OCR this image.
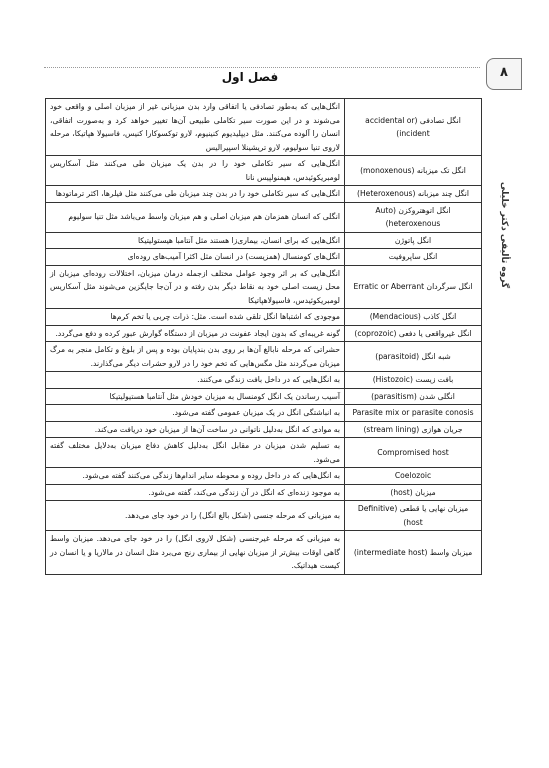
فصل اول	۸
گروه تألیفی دکتر خلیلی
انگل‌هایی که به‌طور تصادفی یا اتفاقی وارد بدن میزبانی غیر از میزبان اصلی و واقعی خود می‌شوند و در این صورت سیر تکاملی طبیعی آن‌ها تغییر خواهد کرد و به‌صورت اتفاقی، انسان را آلوده می‌کنند. مثل دیپلیدیوم کنینیوم، لارو توکسوکارا کنیس، فاسیولا هپاتیکا، مرحله لاروی تنیا سولیوم، لارو تریشینلا اسپیرالیس	انگل تصادفی (accidental or incident)
انگل‌هایی که سیر تکاملی خود را در بدن یک میزبان طی می‌کنند مثل آسکاریس لومبریکوئیدس، هیمنولپیس نانا	انگل تک میزبانه (monoxenous)
انگل‌هایی که سیر تکاملی خود را در بدن چند میزبان طی می‌کنند مثل فیلرها، اکثر ترماتودها	انگل چند میزبانه (Heteroxenous)
انگلی که انسان همزمان هم میزبان اصلی و هم میزبان واسط می‌باشد مثل تنیا سولیوم	انگل اتوهتروکزن (Auto heteroxenous)
انگل‌هایی که برای انسان، بیماری‌زا هستند مثل آنتامبا هیستولیتیکا	انگل پاتوژن
انگل‌های کومنسال (همزیست) در انسان مثل اکثرا آمیب‌های روده‌ای	انگل ساپروفیت
انگل‌هایی که بر اثر وجود عوامل مختلف ازجمله درمان میزبان، اختلالات روده‌ای میزبان از محل زیست اصلی خود به نقاط دیگر بدن رفته و در آن‌جا جایگزین می‌شوند مثل آسکاریس لومبریکوئیدس، فاسیولاهپاتیکا	انگل سرگردان Erratic or Aberrant
موجودی که اشتباها انگل تلقی شده است. مثل: ذرات چربی یا تخم کرم‌ها	انگل کاذب (Mendacious)
گونه غریبه‌ای که بدون ایجاد عفونت در میزبان از دستگاه گوارش عبور کرده و دفع می‌گردد.	انگل غیرواقعی یا دفعی (coprozoic)
حشراتی که مرحله نابالغ آن‌ها بر روی بدن بندپایان بوده و پس از بلوغ و تکامل منجر به مرگ میزبان می‌گردند مثل مگس‌هایی که تخم خود را در لارو حشرات دیگر می‌گذارند.	شبه انگل (parasitoid)
به انگل‌هایی که در داخل بافت زندگی می‌کنند.	بافت زیست (Histozoic)
آسیب رساندن یک انگل کومنسال به میزبان خودش مثل آنتامبا هستیولیتیکا	انگلی شدن (parasitism)
به انباشتگی انگل در یک میزبان عمومی گفته می‌شود.	Parasite mix or parasite conosis
به موادی که انگل به‌دلیل ناتوانی در ساخت آن‌ها از میزبان خود دریافت می‌کند.	جریان هوازی (stream lining)
به تسلیم شدن میزبان در مقابل انگل به‌دلیل کاهش دفاع میزبان به‌دلایل مختلف گفته می‌شود.	Compromised host
به انگل‌هایی که در داخل روده و محوطه سایر اندام‌ها زندگی می‌کنند گفته می‌شود.	Coelozoic
به موجود زنده‌ای که انگل در آن زندگی می‌کند، گفته می‌شود.	میزبان (host)
به میزبانی که مرحله جنسی (شکل بالغ انگل) را در خود جای می‌دهد.	میزبان نهایی یا قطعی (Definitive host)
به میزبانی که مرحله غیرجنسی (شکل لاروی انگل) را در خود جای می‌دهد. میزبان واسط گاهی اوقات بیش‌تر از میزبان نهایی از بیماری رنج می‌برد مثل انسان در مالاریا و یا انسان در کیست هیداتیک.	میزبان واسط (intermediate host)
